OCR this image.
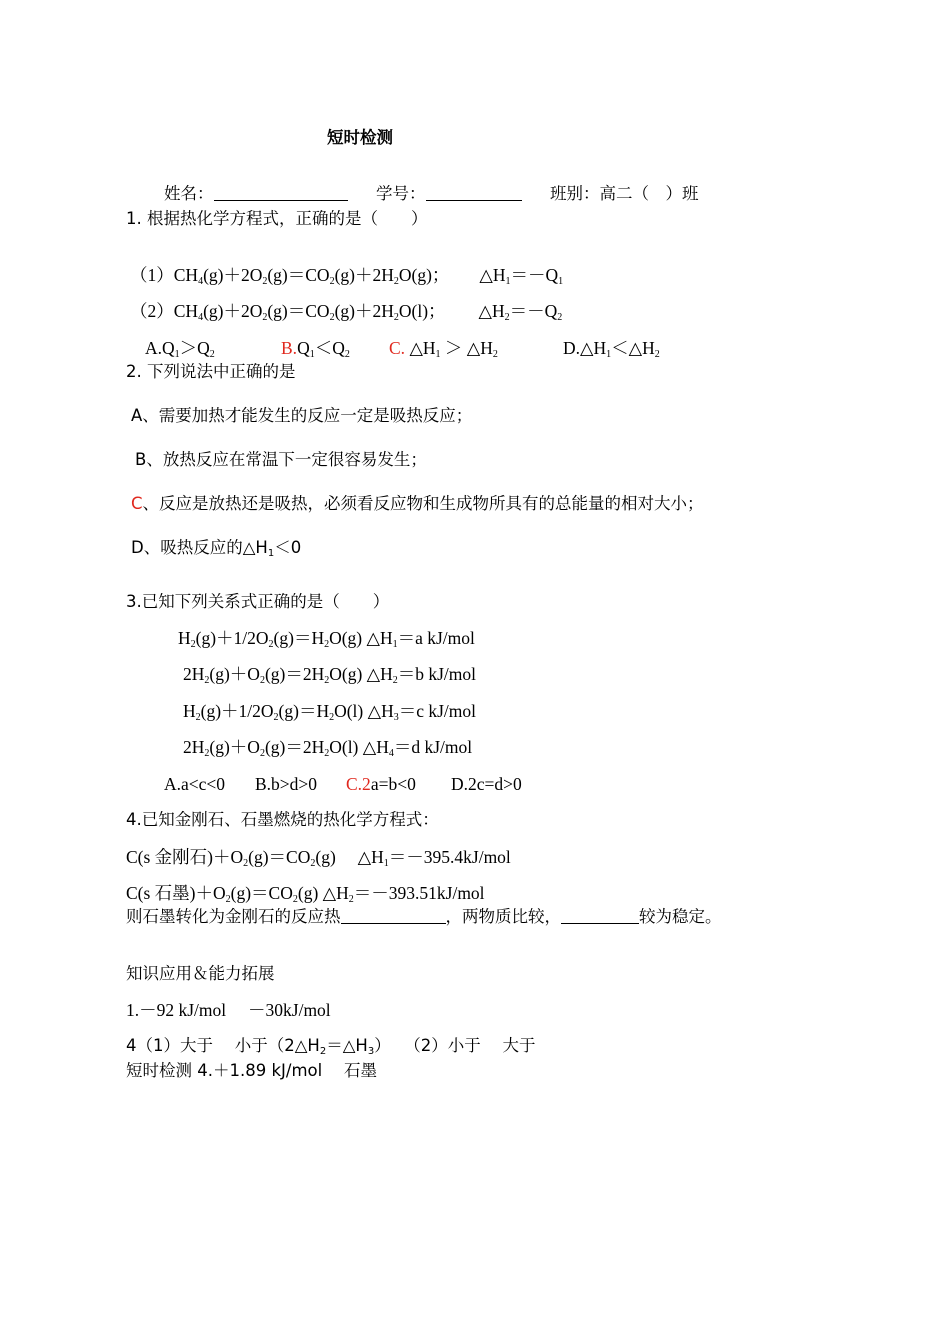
短时检测
姓名：	学号：	班别：高二（　）班
1. 根据热化学方程式，正确的是（　　）
$(1)CH_4(g)+2O_2(g)=CO_2(g)+2H_2O(g)$； $\triangle H_1=-Q_1$
$(2)CH_4(g)+2O_2(g)=CO_2(g)+2H_2O(l)$； $\triangle H_2=-Q_2$
$A.Q_1>Q_2$	$B.Q_1<Q_2$ C. $\triangle H_1$ ＞ $\triangle H_2$	$D.\triangle H_1<\triangle H_2$
2. 下列说法中正确的是
A、需要加热才能发生的反应一定是吸热反应；
B、放热反应在常温下一定很容易发生；
C、反应是放热还是吸热，必须看反应物和生成物所具有的总能量的相对大小；
D、吸热反应的$\triangle H_1<0$
3.已知下列关系式正确的是（　　）
$H_2(g)+1/2O_2(g)=H_2O(g)$ $\triangle H_1=a$ kJ/mol
$2H_2(g)+O_2(g)=2H_2O(g)$ $\triangle H_2=b$ kJ/mol
$H_2(g)+1/2O_2(g)=H_2O(l)$ $\triangle H_3=c$ kJ/mol
$2H_2(g)+O_2(g)=2H_2O(l)$ $\triangle H_4=d$ kJ/mol
A.a<c<0 B.b>d>0 C.2a=b<0 D.2c=d>0
4.已知金刚石、石墨燃烧的热化学方程式：
C(s 金刚石)$+O_2(g)=CO_2(g)$　 $\triangle H_1=-395.4kJ$/mol
C(s 石墨)$+O_2(g)=CO_2(g)$ $\triangle H_2=-393.51kJ$/mol
则石墨转化为金刚石的反应热	，两物质比较，	较为稳定。
知识应用＆能力拓展
1.－92 kJ/mol　 －30kJ/mol
4（1）大于　 小于$(2\triangle H_2=\triangle H_3)$　 （2）小于　 大于
短时检测 4.＋1.89 kJ/mol　 石墨
